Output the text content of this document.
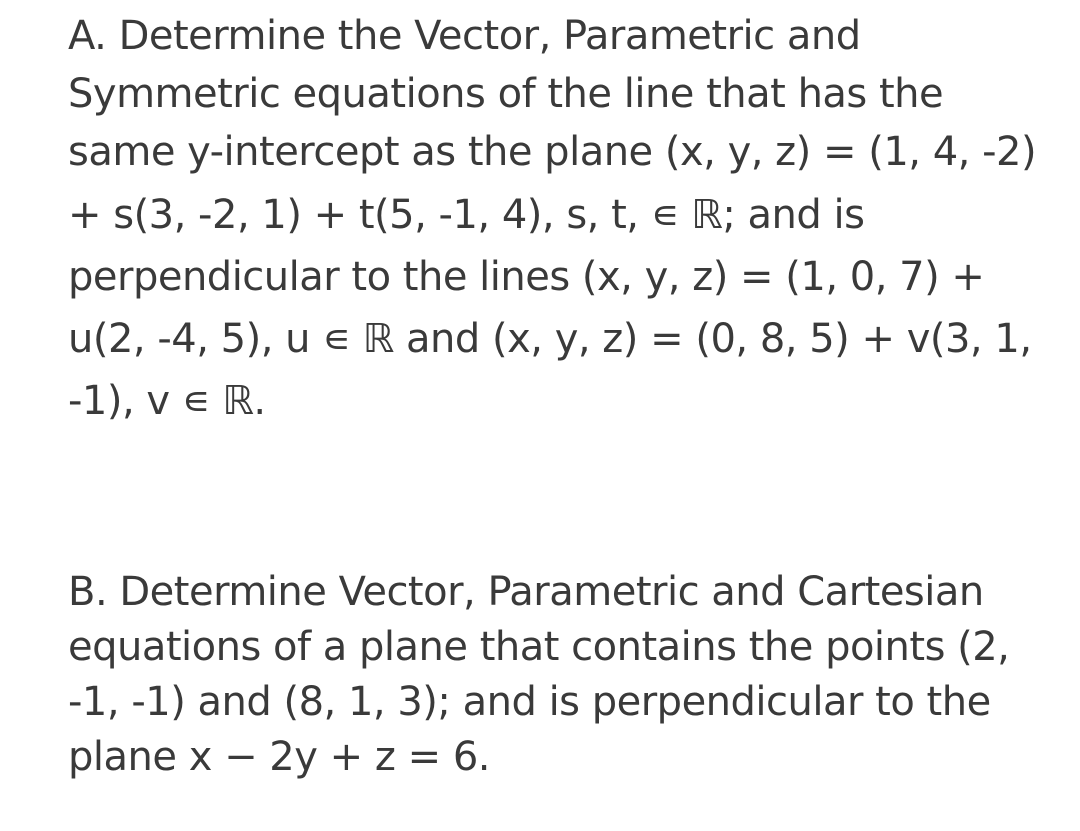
A. Determine the Vector, Parametric and
Symmetric equations of the line that has the
same y-intercept as the plane (x, y, z) = (1, 4, -2)
+ s(3, -2, 1) + t(5, -1, 4), s, t, ∊ ℝ; and is
perpendicular to the lines (x, y, z) = (1, 0, 7) +
u(2, -4, 5), u ∊ ℝ and (x, y, z) = (0, 8, 5) + v(3, 1,
-1), v ∊ ℝ.
B. Determine Vector, Parametric and Cartesian
equations of a plane that contains the points (2,
-1, -1) and (8, 1, 3); and is perpendicular to the
plane x − 2y + z = 6.
